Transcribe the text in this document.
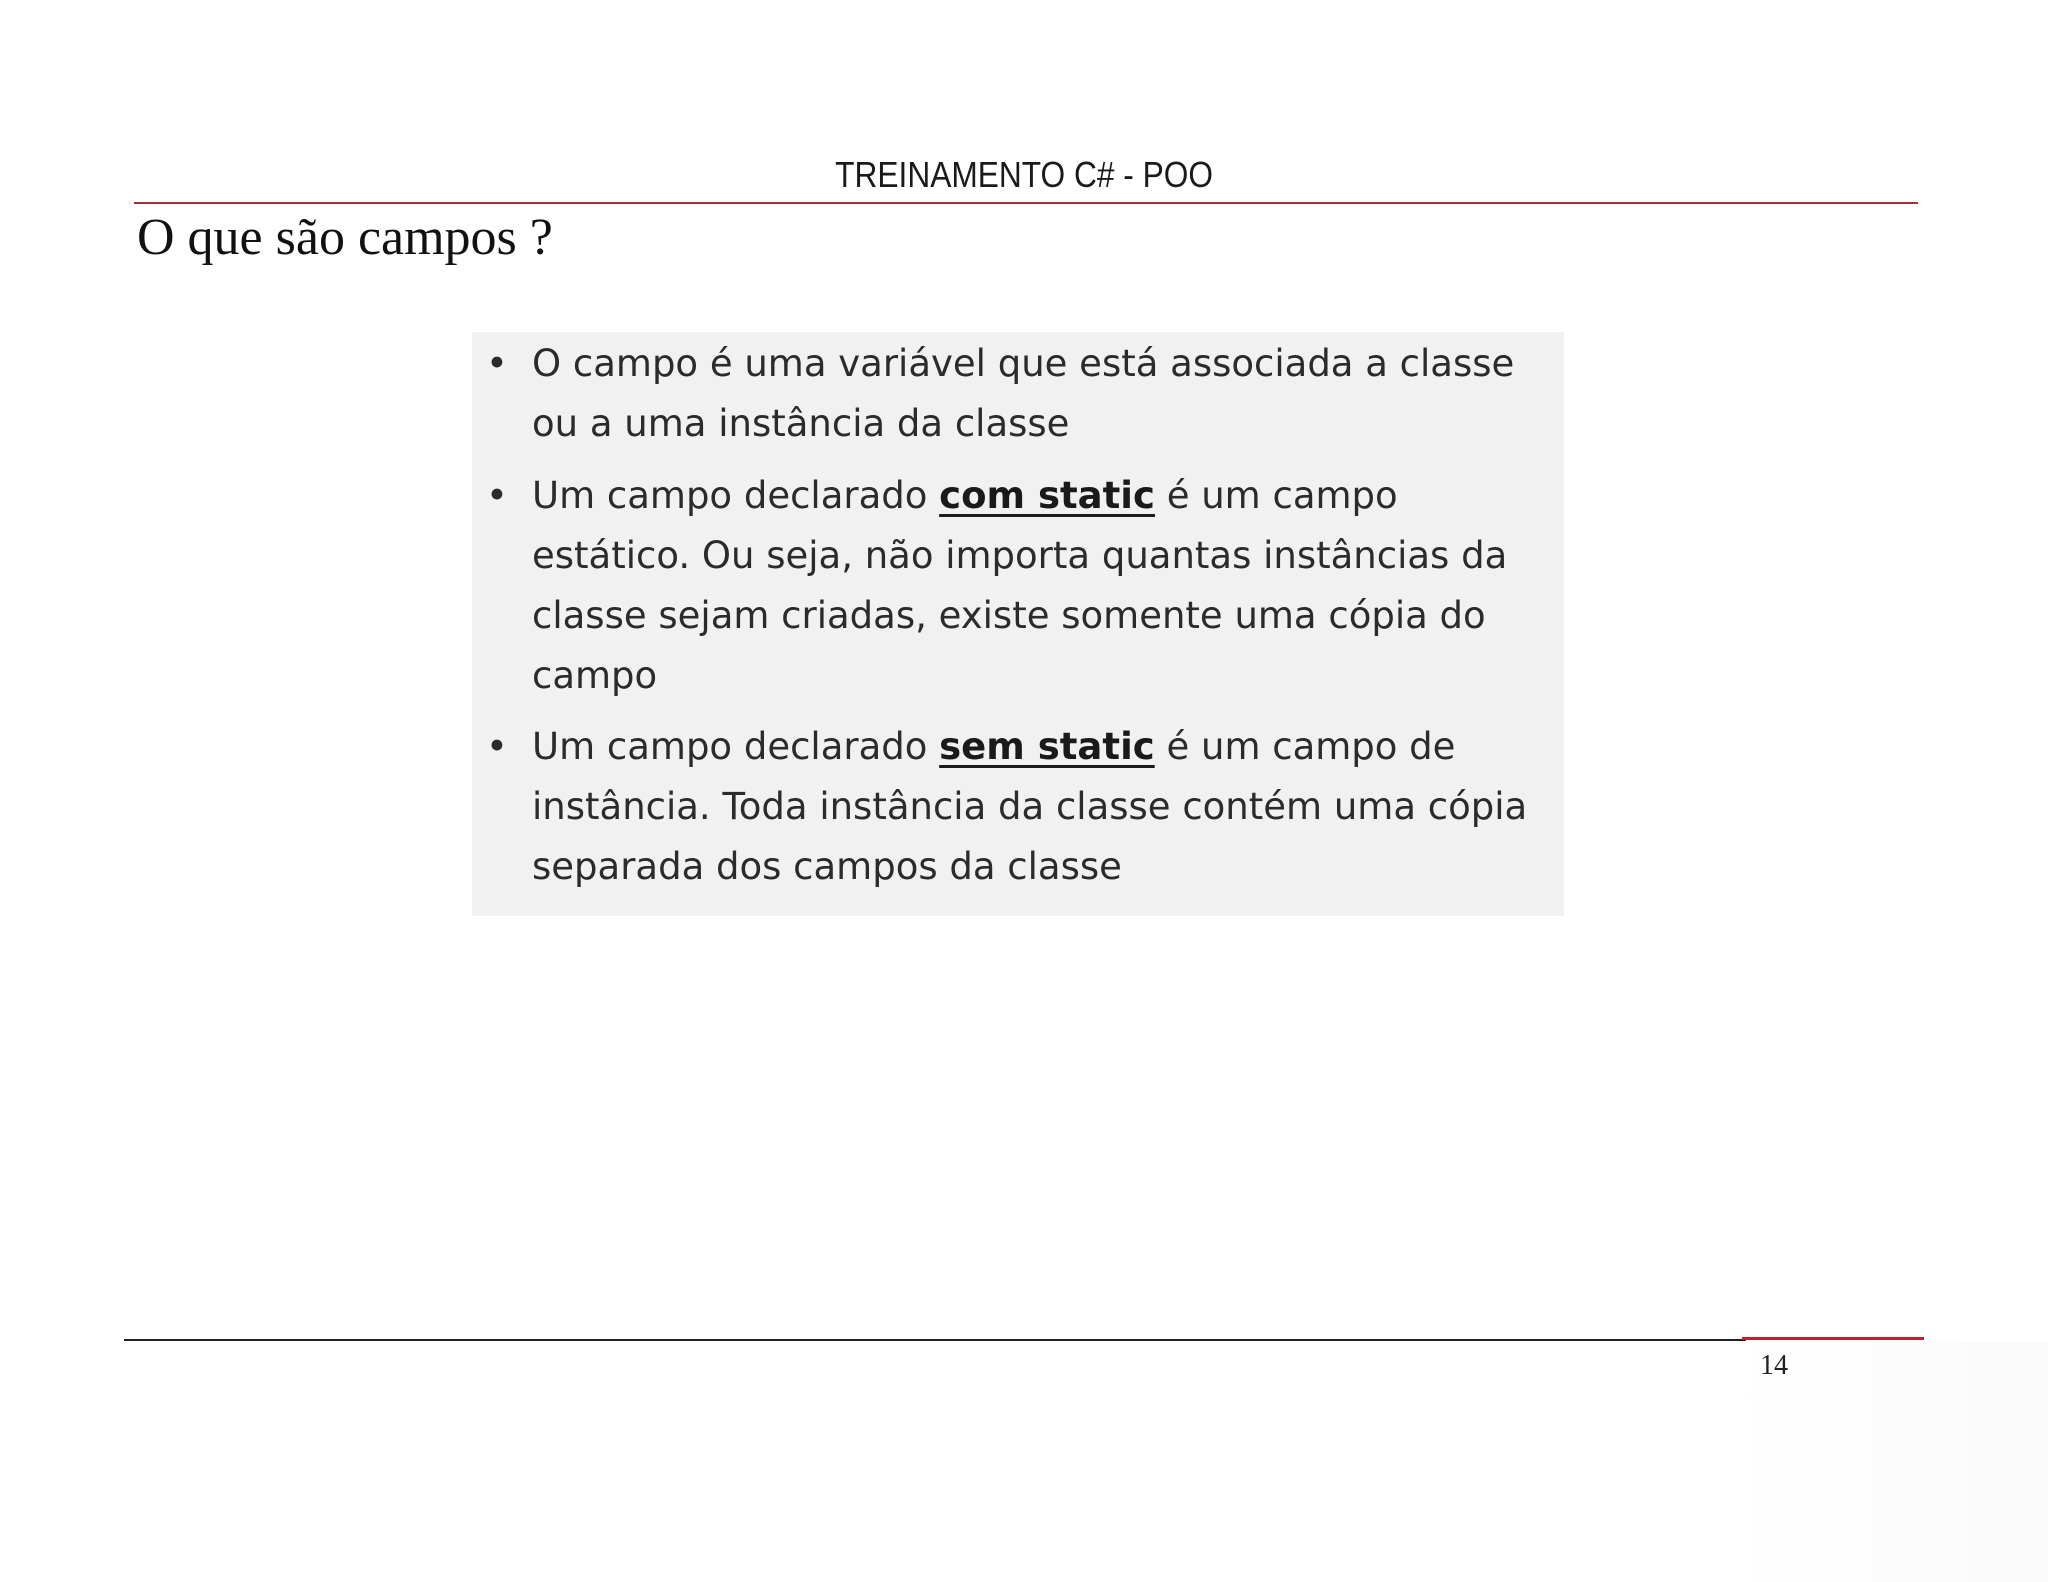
TREINAMENTO C# - POO
O que são campos ?
• O campo é uma variável que está associada a classe ou a uma instância da classe
• Um campo declarado com static é um campo estático. Ou seja, não importa quantas instâncias da classe sejam criadas, existe somente uma cópia do campo
• Um campo declarado sem static é um campo de instância. Toda instância da classe contém uma cópia separada dos campos da classe
14
